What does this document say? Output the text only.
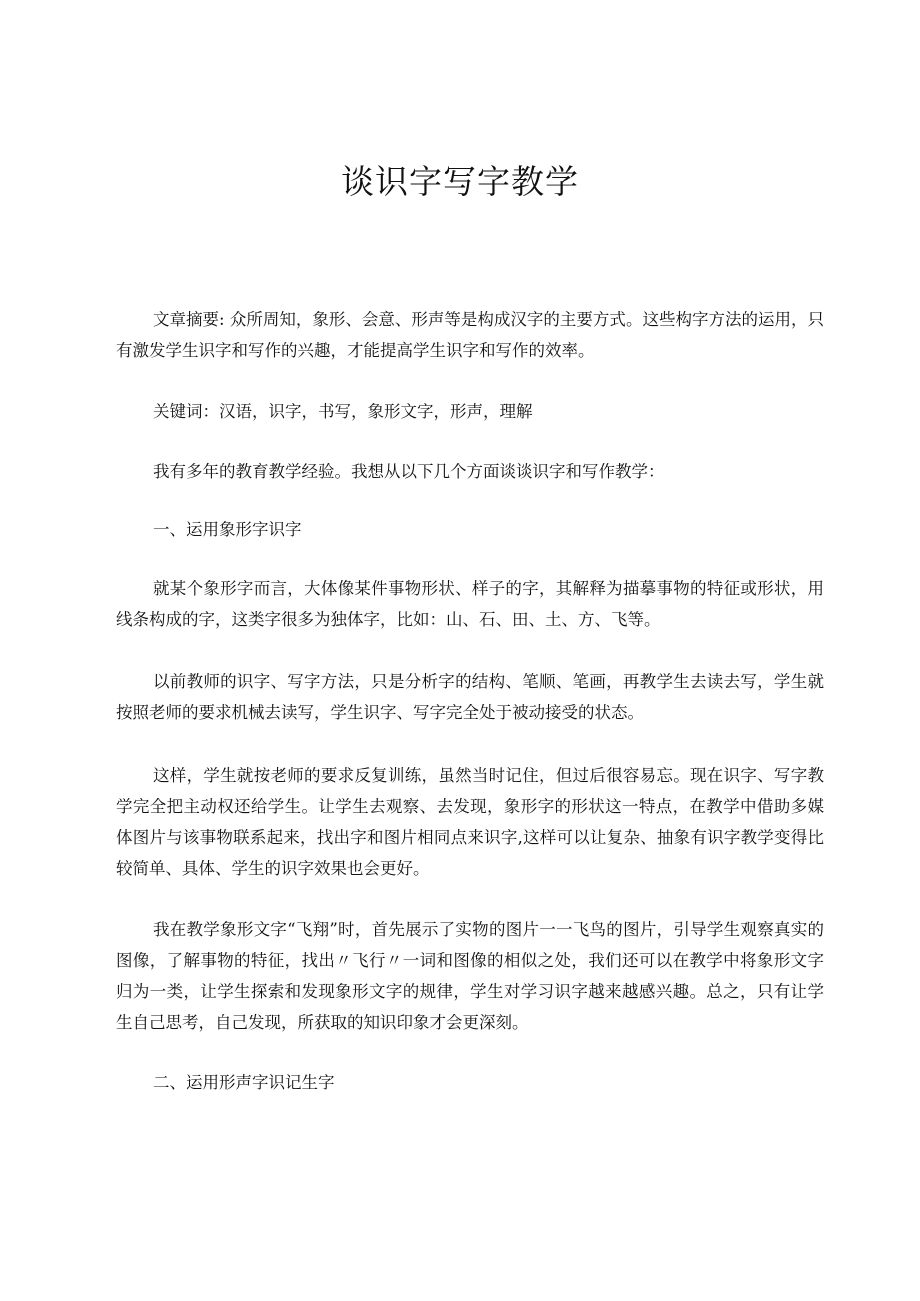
谈识字写字教学

文章摘要: 众所周知，象形、会意、形声等是构成汉字的主要方式。这些构字方法的运用，只有激发学生识字和写作的兴趣，才能提高学生识字和写作的效率。

关键词：汉语，识字，书写，象形文字，形声，理解

我有多年的教育教学经验。我想从以下几个方面谈谈识字和写作教学：

一、运用象形字识字

就某个象形字而言，大体像某件事物形状、样子的字，其解释为描摹事物的特征或形状，用线条构成的字，这类字很多为独体字，比如：山、石、田、土、方、飞等。

以前教师的识字、写字方法，只是分析字的结构、笔顺、笔画，再教学生去读去写，学生就按照老师的要求机械去读写，学生识字、写字完全处于被动接受的状态。

这样，学生就按老师的要求反复训练，虽然当时记住，但过后很容易忘。现在识字、写字教学完全把主动权还给学生。让学生去观察、去发现，象形字的形状这一特点，在教学中借助多媒体图片与该事物联系起来，找出字和图片相同点来识字,这样可以让复杂、抽象有识字教学变得比较简单、具体、学生的识字效果也会更好。

我在教学象形文字“飞翔”时，首先展示了实物的图片一一飞鸟的图片，引导学生观察真实的图像，了解事物的特征，找出〃飞行〃一词和图像的相似之处，我们还可以在教学中将象形文字归为一类，让学生探索和发现象形文字的规律，学生对学习识字越来越感兴趣。总之，只有让学生自己思考，自己发现，所获取的知识印象才会更深刻。

二、运用形声字识记生字
